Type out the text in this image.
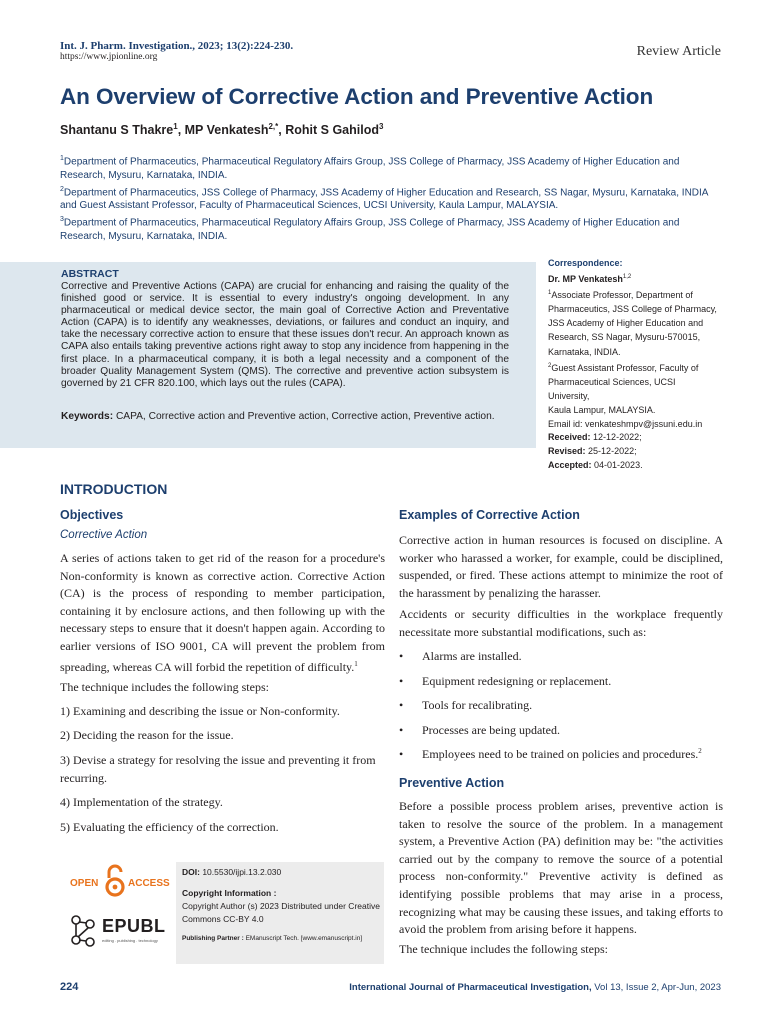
Int. J. Pharm. Investigation., 2023; 13(2):224-230.
https://www.jpionline.org	Review Article
An Overview of Corrective Action and Preventive Action
Shantanu S Thakre$^1$, MP Venkatesh$^{2,*}$, Rohit S Gahilod$^3$
$^1$Department of Pharmaceutics, Pharmaceutical Regulatory Affairs Group, JSS College of Pharmacy, JSS Academy of Higher Education and Research, Mysuru, Karnataka, INDIA.
$^2$Department of Pharmaceutics, JSS College of Pharmacy, JSS Academy of Higher Education and Research, SS Nagar, Mysuru, Karnataka, INDIA and Guest Assistant Professor, Faculty of Pharmaceutical Sciences, UCSI University, Kaula Lampur, MALAYSIA.
$^3$Department of Pharmaceutics, Pharmaceutical Regulatory Affairs Group, JSS College of Pharmacy, JSS Academy of Higher Education and Research, Mysuru, Karnataka, INDIA.
ABSTRACT
Corrective and Preventive Actions (CAPA) are crucial for enhancing and raising the quality of the finished good or service. It is essential to every industry's ongoing development. In any pharmaceutical or medical device sector, the main goal of Corrective Action and Preventative Action (CAPA) is to identify any weaknesses, deviations, or failures and conduct an inquiry, and take the necessary corrective action to ensure that these issues don't recur. An approach known as CAPA also entails taking preventive actions right away to stop any incidence from happening in the first place. In a pharmaceutical company, it is both a legal necessity and a component of the broader Quality Management System (QMS). The corrective and preventive action subsystem is governed by 21 CFR 820.100, which lays out the rules (CAPA).
Keywords: CAPA, Corrective action and Preventive action, Corrective action, Preventive action.
Correspondence:
Dr. MP Venkatesh$^{1,2}$
$^1$Associate Professor, Department of
Pharmaceutics, JSS College of Pharmacy,
JSS Academy of Higher Education and
Research, SS Nagar, Mysuru-570015,
Karnataka, INDIA.
$^2$Guest Assistant Professor, Faculty of
Pharmaceutical Sciences, UCSI University,
Kaula Lampur, MALAYSIA.
Email id: venkateshmpv@jssuni.edu.in
Received: 12-12-2022;
Revised: 25-12-2022;
Accepted: 04-01-2023.
INTRODUCTION
Objectives
Corrective Action
A series of actions taken to get rid of the reason for a procedure's Non-conformity is known as corrective action. Corrective Action (CA) is the process of responding to member participation, containing it by enclosure actions, and then following up with the necessary steps to ensure that it doesn't happen again. According to earlier versions of ISO 9001, CA will prevent the problem from spreading, whereas CA will forbid the repetition of difficulty.$^1$
The technique includes the following steps:
1) Examining and describing the issue or Non-conformity.
2) Deciding the reason for the issue.
3) Devise a strategy for resolving the issue and preventing it from recurring.
4) Implementation of the strategy.
5) Evaluating the efficiency of the correction.
Examples of Corrective Action
Corrective action in human resources is focused on discipline. A worker who harassed a worker, for example, could be disciplined, suspended, or fired. These actions attempt to minimize the root of the harassment by penalizing the harasser.
Accidents or security difficulties in the workplace frequently necessitate more substantial modifications, such as:
• Alarms are installed.
• Equipment redesigning or replacement.
• Tools for recalibrating.
• Processes are being updated.
• Employees need to be trained on policies and procedures.$^2$
Preventive Action
Before a possible process problem arises, preventive action is taken to resolve the source of the problem. In a management system, a Preventive Action (PA) definition may be: "the activities carried out by the company to remove the source of a potential process non-conformity." Preventive activity is defined as identifying possible problems that may arise in a process, recognizing what may be causing these issues, and taking efforts to avoid the problem from arising before it happens.
The technique includes the following steps:
OPEN	ACCESS
EPUBL
editing . publishing . technology
DOI: 10.5530/ijpi.13.2.030
Copyright Information :
Copyright Author (s) 2023 Distributed under Creative Commons CC-BY 4.0
Publishing Partner : EManuscript Tech. [www.emanuscript.in]
224	International Journal of Pharmaceutical Investigation, Vol 13, Issue 2, Apr-Jun, 2023
